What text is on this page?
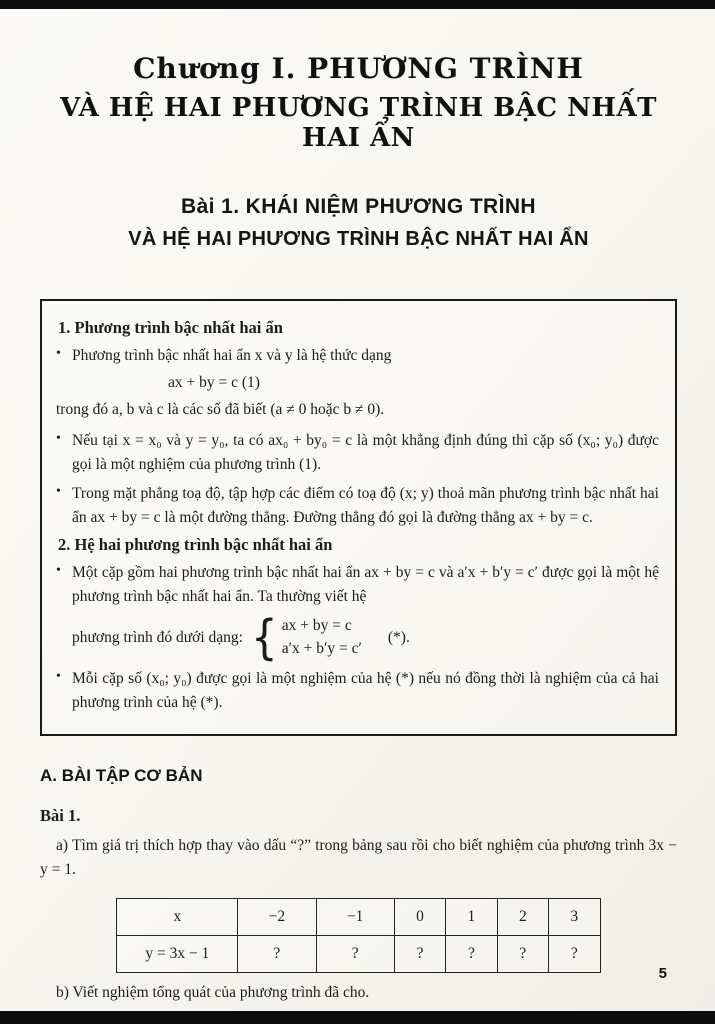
Chương I. PHƯƠNG TRÌNH
VÀ HỆ HAI PHƯƠNG TRÌNH BẬC NHẤT HAI ẨN
Bài 1. KHÁI NIỆM PHƯƠNG TRÌNH
VÀ HỆ HAI PHƯƠNG TRÌNH BẬC NHẤT HAI ẨN
1. Phương trình bậc nhất hai ẩn
• Phương trình bậc nhất hai ẩn x và y là hệ thức dạng
ax + by = c (1)
trong đó a, b và c là các số đã biết (a ≠ 0 hoặc b ≠ 0).
• Nếu tại x = x₀ và y = y₀, ta có ax₀ + by₀ = c là một khẳng định đúng thì cặp số (x₀; y₀) được gọi là một nghiệm của phương trình (1).
• Trong mặt phẳng toạ độ, tập hợp các điểm có toạ độ (x; y) thoả mãn phương trình bậc nhất hai ẩn ax + by = c là một đường thẳng. Đường thẳng đó gọi là đường thẳng ax + by = c.
2. Hệ hai phương trình bậc nhất hai ẩn
• Một cặp gồm hai phương trình bậc nhất hai ẩn ax + by = c và a′x + b′y = c′ được gọi là một hệ phương trình bậc nhất hai ẩn. Ta thường viết hệ
phương trình đó dưới dạng: { ax + by = c
a′x + b′y = c′
(*).
• Mỗi cặp số (x₀; y₀) được gọi là một nghiệm của hệ (*) nếu nó đồng thời là nghiệm của cả hai phương trình của hệ (*).
A. BÀI TẬP CƠ BẢN
Bài 1.
a) Tìm giá trị thích hợp thay vào dấu “?” trong bảng sau rồi cho biết nghiệm của phương trình 3x − y = 1.
x	−2	−1	0	1	2	3
y = 3x − 1	?	?	?	?	?	?
b) Viết nghiệm tổng quát của phương trình đã cho.
5
